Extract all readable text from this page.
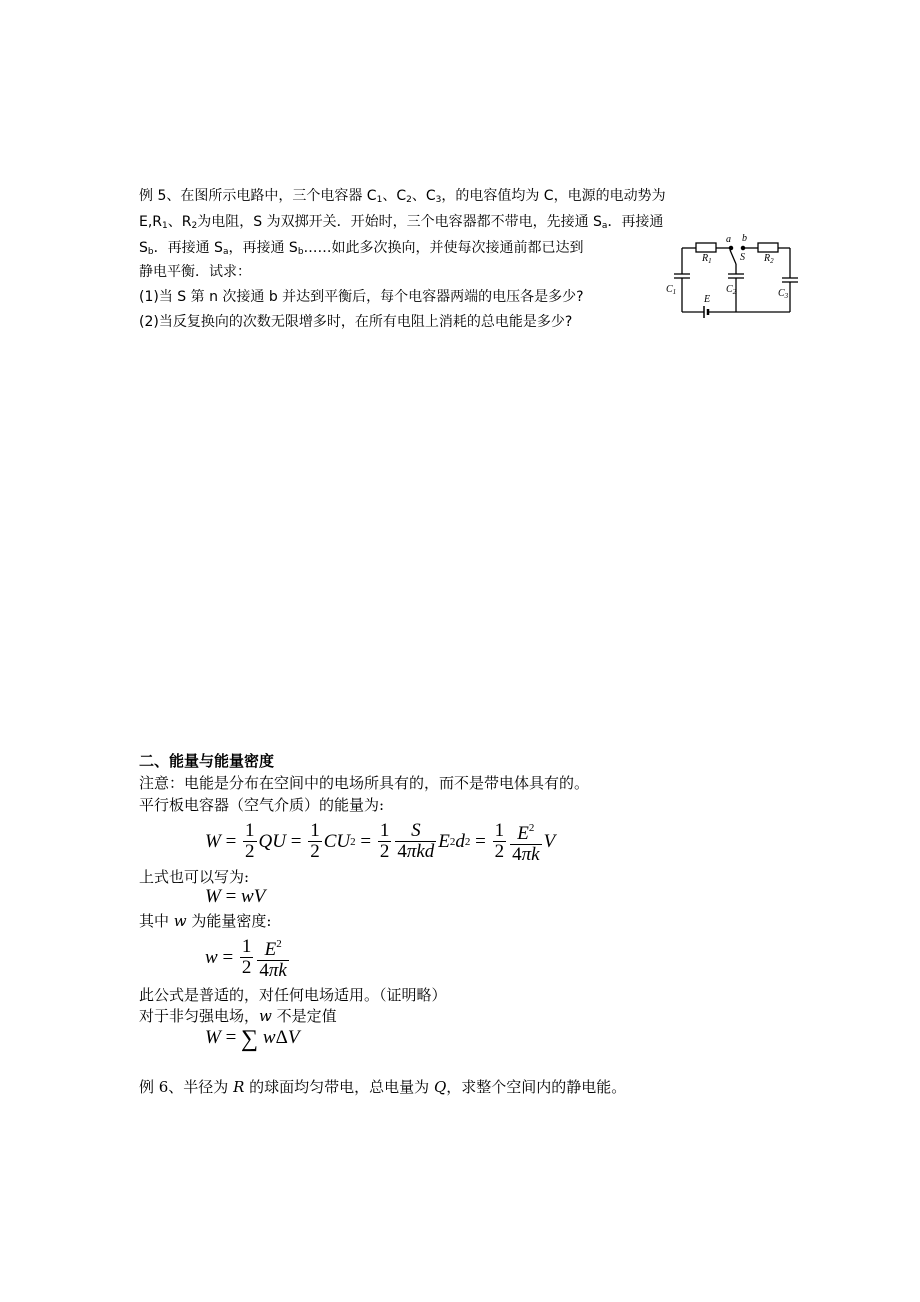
例 5、在图所示电路中，三个电容器 $C_1$、$C_2$、$C_3$，的电容值均为 C，电源的电动势为
$E,R_1$、$R_2$为电阻，S 为双掷开关．开始时，三个电容器都不带电，先接通 $S_a$．再接通
$S_b$．再接通 $S_a$，再接通 $S_b\dots\dots$如此多次换向，并使每次接通前都已达到
静电平衡．试求：
(1)当 S 第 n 次接通 b 并达到平衡后，每个电容器两端的电压各是多少?
(2)当反复换向的次数无限增多时，在所有电阻上消耗的总电能是多少?
$R_1$	$R_2$
a b
S
$C_1$	$C_2$	$C_3$
E
二、能量与能量密度
注意：电能是分布在空间中的电场所具有的，而不是带电体具有的。
平行板电容器（空气介质）的能量为:
$W = \frac{1}{2}$ QU = $\frac{1}{2}$ CU $2 = \frac{1}{2} \frac{S}{\text{4πkd}}$ E 2 d $2 = \frac{1}{2} \frac{E^2}{4\pi k}$ V
上式也可以写为:
W = wV
其中 w 为能量密度:
$w = \frac{1}{2} \frac{E^2}{4\pi k}$
此公式是普适的，对任何电场适用。（证明略）
对于非匀强电场，w 不是定值
W = ∑ wΔV
例 6、半径为 R 的球面均匀带电，总电量为 Q，求整个空间内的静电能。
